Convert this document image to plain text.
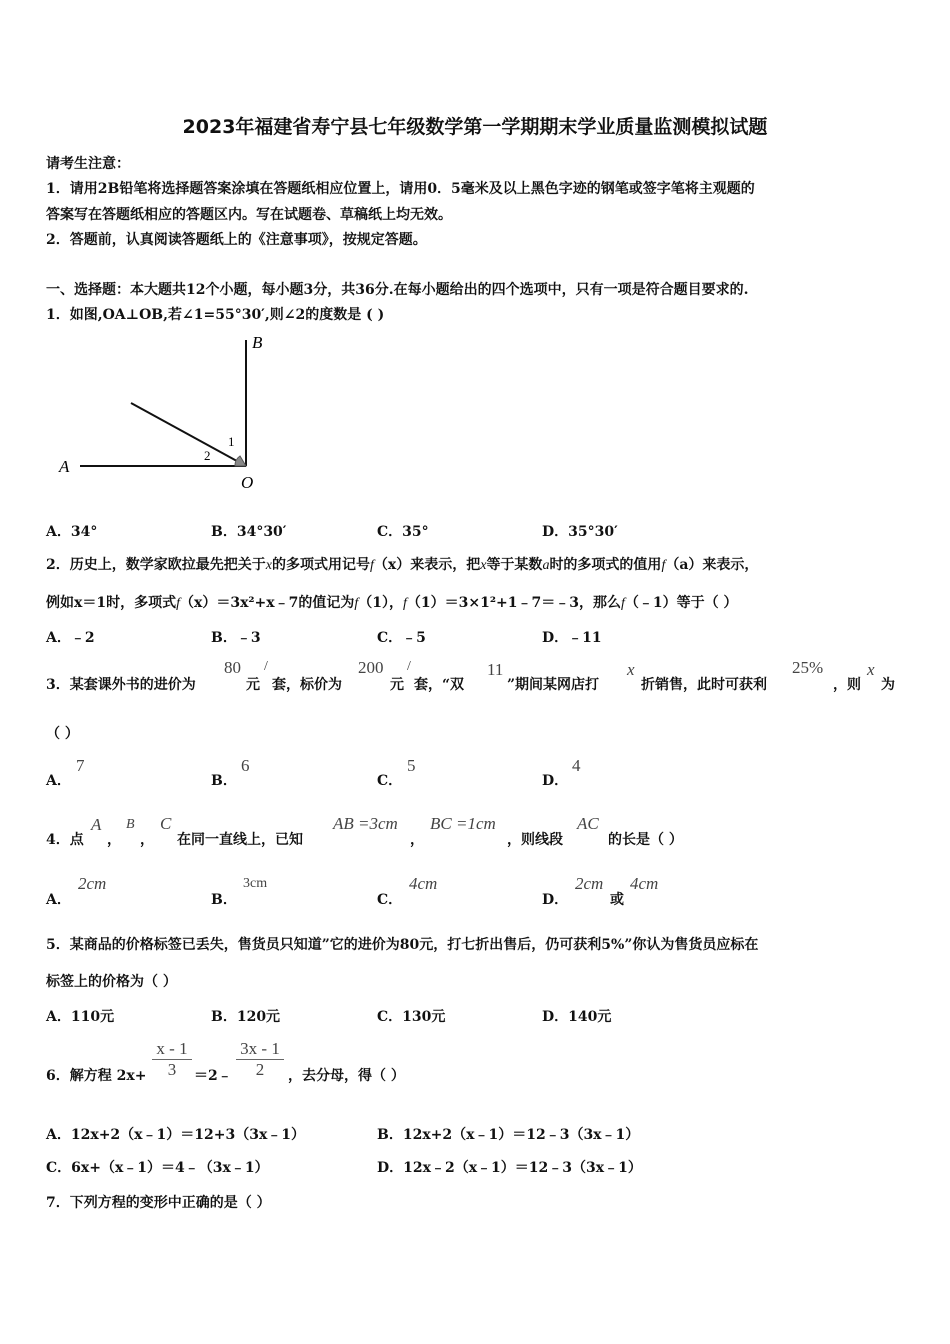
2023年福建省寿宁县七年级数学第一学期期末学业质量监测模拟试题
请考生注意：
1．请用2B铅笔将选择题答案涂填在答题纸相应位置上，请用0．5毫米及以上黑色字迹的钢笔或签字笔将主观题的
答案写在答题纸相应的答题区内。写在试题卷、草稿纸上均无效。
2．答题前，认真阅读答题纸上的《注意事项》，按规定答题。
一、选择题：本大题共12个小题，每小题3分，共36分.在每小题给出的四个选项中，只有一项是符合题目要求的.
1．如图,OA⊥OB,若∠1=55°30′,则∠2的度数是 ( )
B
A
O
1
2
A．34°	B．34°30′	C．35°	D．35°30′
2．历史上，数学家欧拉最先把关于x的多项式用记号f（x）来表示，把x等于某数a时的多项式的值用f（a）来表示，
例如x＝1时，多项式f（x）＝3x²+x﹣7的值记为f（1），f（1）＝3×1²+1﹣7＝﹣3，那么f（﹣1）等于（ ）
A．﹣2	B．﹣3	C．﹣5	D．﹣11
3．某套课外书的进价为
80
元
/
套，标价为
200
元
/
套，“双
11
”期间某网店打
x
折销售，此时可获利
25%
，则
x
为
（ ）
A．
7
B．
6
C．
5
D．
4
4．点
A
，
B
，
C
在同一直线上，已知
AB =3cm
，
BC =1cm
，则线段
AC
的长是（ ）
A．
2cm
B．
3cm
C．
4cm
D．
2cm
或
4cm
5．某商品的价格标签已丢失，售货员只知道”它的进价为80元，打七折出售后，仍可获利5%”你认为售货员应标在
标签上的价格为（ ）
A．110元	B．120元	C．130元	D．140元
6．解方程 $2x+ \frac{x - 1}{3}$ ＝2﹣ $\frac{3x - 1}{2}$ ，去分母，得（ ）
A．12x+2（x﹣1）＝12+3（3x﹣1）	B．12x+2（x﹣1）＝12﹣3（3x﹣1）
C．6x+（x﹣1）＝4﹣（3x﹣1）	D．12x﹣2（x﹣1）＝12﹣3（3x﹣1）
7．下列方程的变形中正确的是（ ）
